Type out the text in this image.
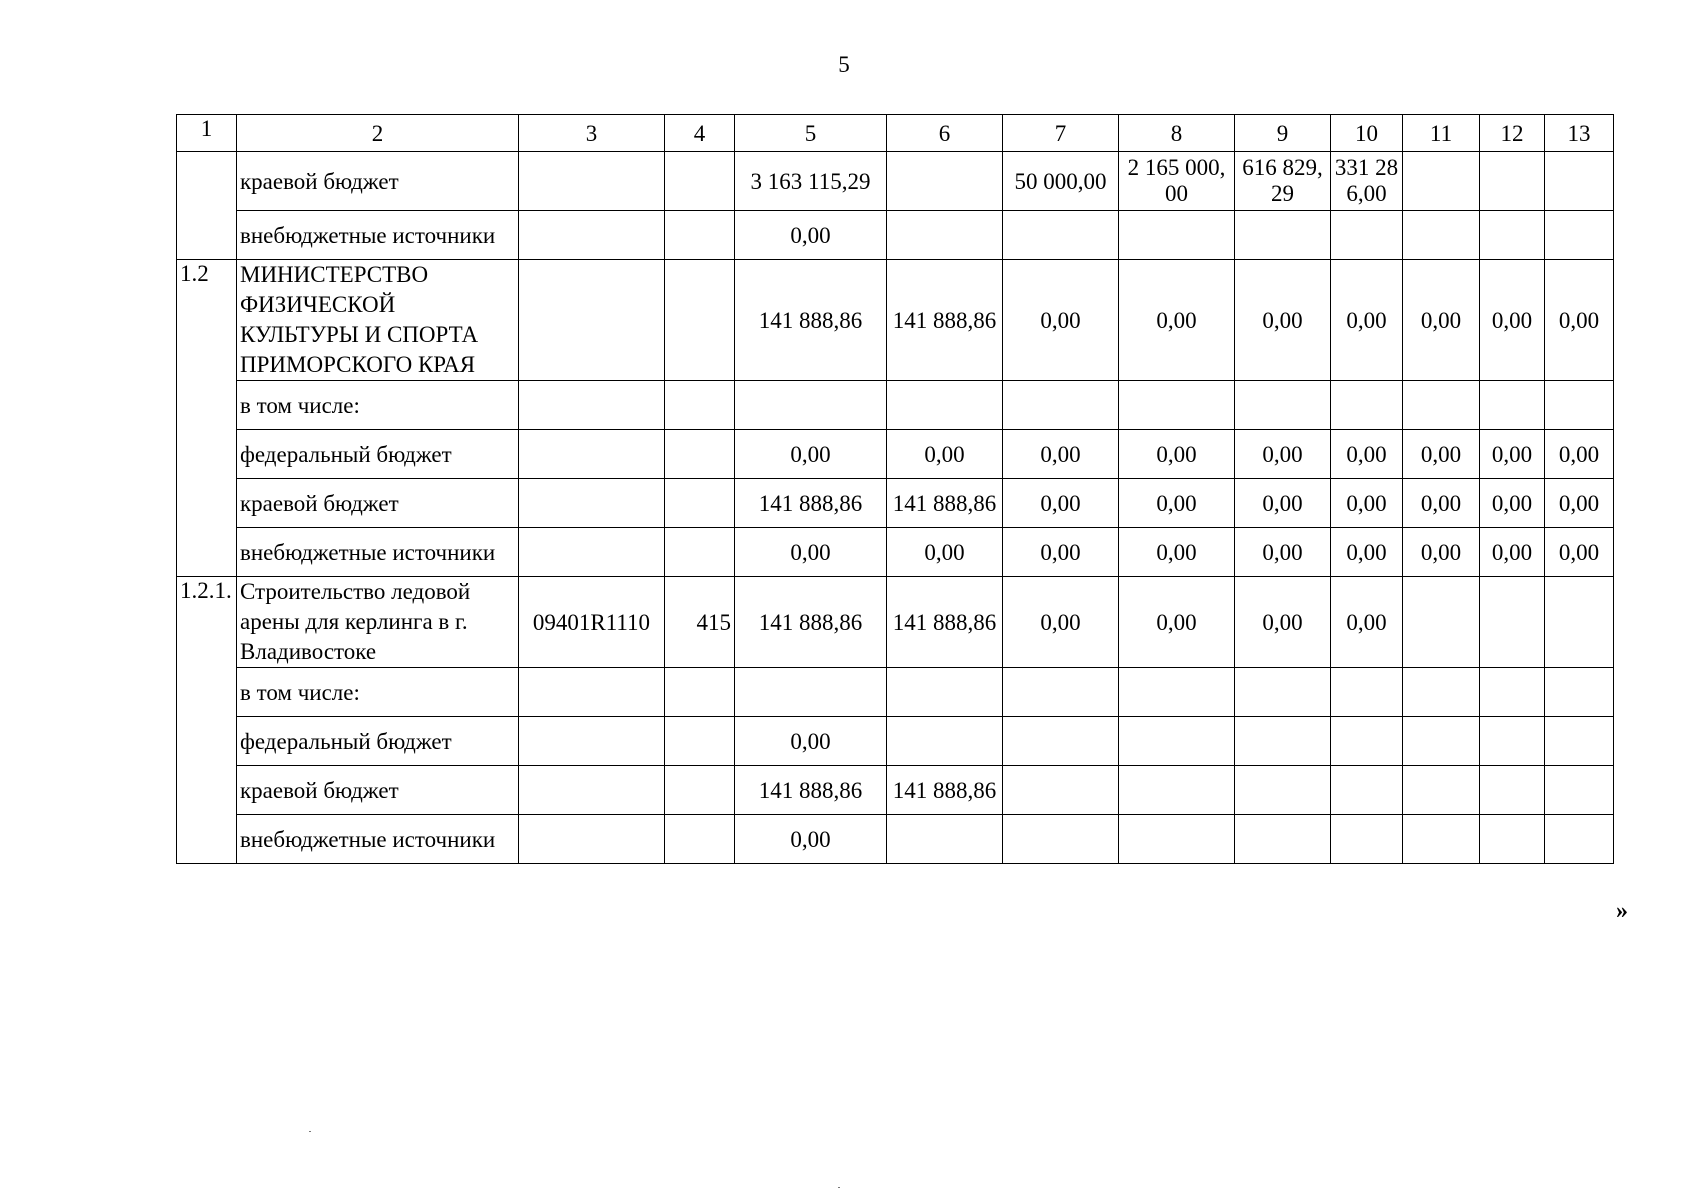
5
1	2	3	4	5	6	7	8	9	10	11	12	13
	краевой бюджет			3 163 115,29		50 000,00	2 165 000,00	616 829,29	331 286,00			
	внебюджетные источники			0,00								
1.2	МИНИСТЕРСТВО ФИЗИЧЕСКОЙ КУЛЬТУРЫ И СПОРТА ПРИМОРСКОГО КРАЯ			141 888,86	141 888,86	0,00	0,00	0,00	0,00	0,00	0,00	0,00
	в том числе:											
	федеральный бюджет			0,00	0,00	0,00	0,00	0,00	0,00	0,00	0,00	0,00
	краевой бюджет			141 888,86	141 888,86	0,00	0,00	0,00	0,00	0,00	0,00	0,00
	внебюджетные источники			0,00	0,00	0,00	0,00	0,00	0,00	0,00	0,00	0,00
1.2.1.	Строительство ледовой арены для керлинга в г. Владивостоке	09401R1110	415	141 888,86	141 888,86	0,00	0,00	0,00	0,00			
	в том числе:											
	федеральный бюджет			0,00								
	краевой бюджет			141 888,86	141 888,86							
	внебюджетные источники			0,00								
»
